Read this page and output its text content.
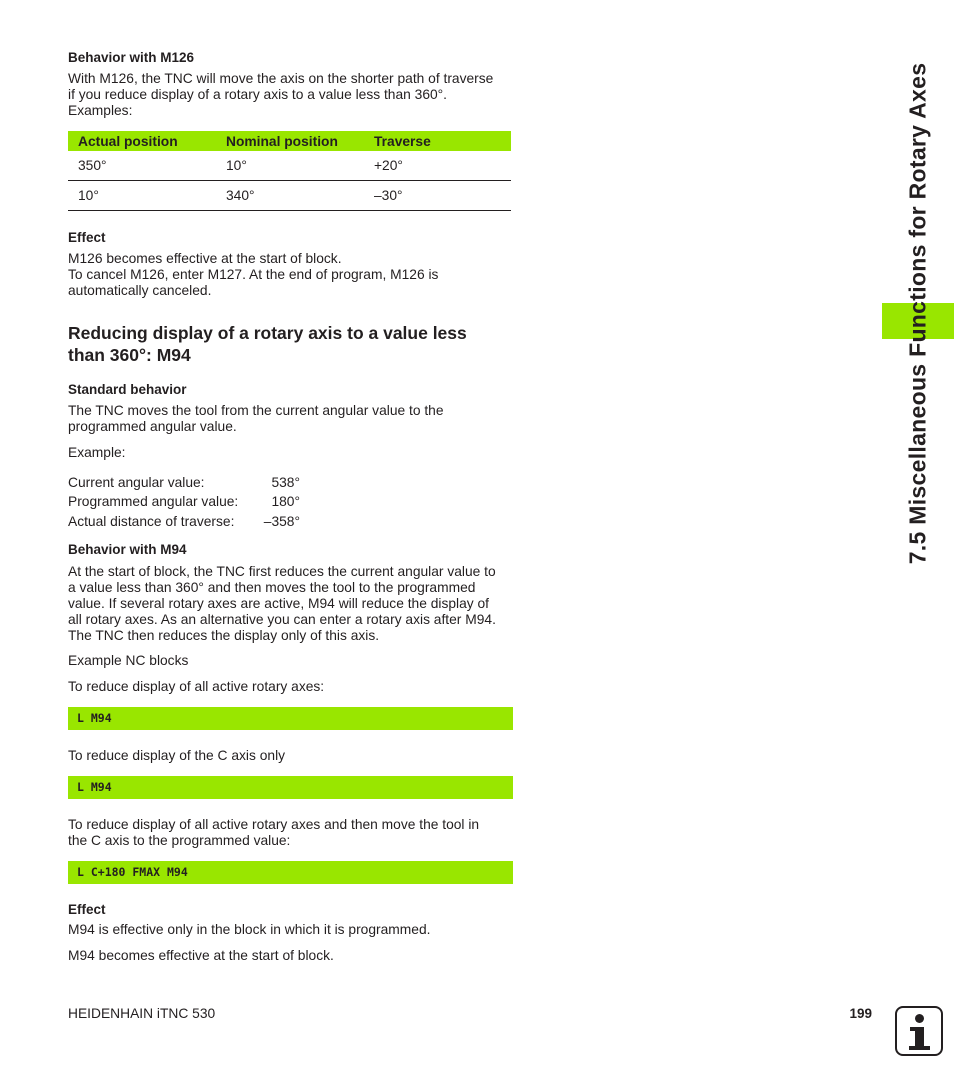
Behavior with M126
With M126, the TNC will move the axis on the shorter path of traverse
if you reduce display of a rotary axis to a value less than 360°.
Examples:
Actual position	Nominal position	Traverse
350°	10°	+20°
10°	340°	–30°
Effect
M126 becomes effective at the start of block.
To cancel M126, enter M127. At the end of program, M126 is
automatically canceled.
Reducing display of a rotary axis to a value less
than 360°: M94
Standard behavior
The TNC moves the tool from the current angular value to the
programmed angular value.
Example:
Current angular value:	538°
Programmed angular value: 180°
Actual distance of traverse: –358°
Behavior with M94
At the start of block, the TNC first reduces the current angular value to
a value less than 360° and then moves the tool to the programmed
value. If several rotary axes are active, M94 will reduce the display of
all rotary axes. As an alternative you can enter a rotary axis after M94.
The TNC then reduces the display only of this axis.
Example NC blocks
To reduce display of all active rotary axes:
L M94
To reduce display of the C axis only
L M94
To reduce display of all active rotary axes and then move the tool in
the C axis to the programmed value:
L C+180 FMAX M94
Effect
M94 is effective only in the block in which it is programmed.
M94 becomes effective at the start of block.
7.5 Miscellaneous Functions for Rotary Axes
HEIDENHAIN iTNC 530	199
